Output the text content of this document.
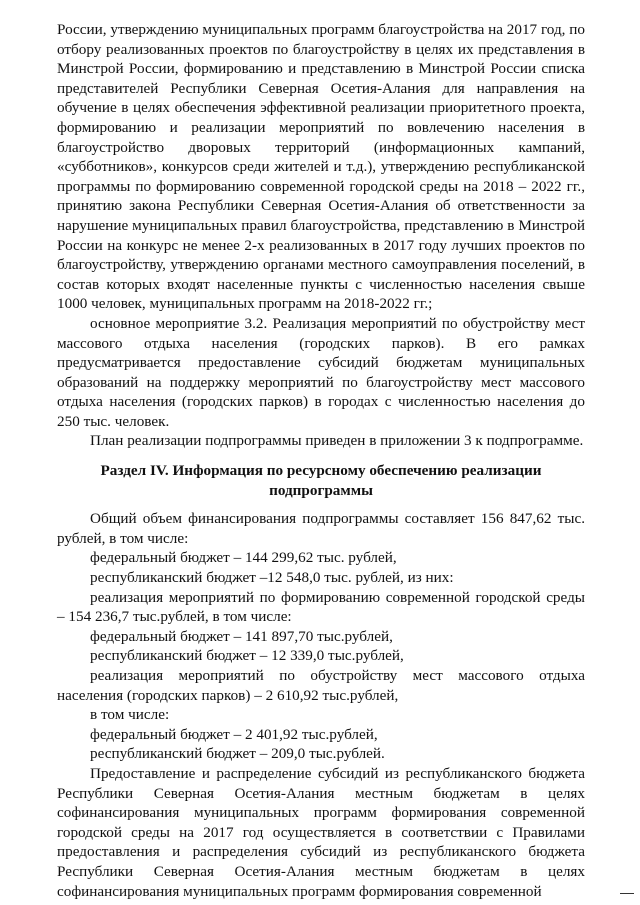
России, утверждению муниципальных программ благоустройства на 2017 год, по отбору реализованных проектов по благоустройству в целях их представления в Минстрой России, формированию и представлению в Минстрой России списка представителей Республики Северная Осетия-Алания для направления на обучение в целях обеспечения эффективной реализации приоритетного проекта, формированию и реализации мероприятий по вовлечению населения в благоустройство дворовых территорий (информационных кампаний, «субботников», конкурсов среди жителей и т.д.), утверждению республиканской программы по формированию современной городской среды на 2018 – 2022 гг., принятию закона Республики Северная Осетия-Алания об ответственности за нарушение муниципальных правил благоустройства, представлению в Минстрой России на конкурс не менее 2-х реализованных в 2017 году лучших проектов по благоустройству, утверждению органами местного самоуправления поселений, в состав которых входят населенные пункты с численностью населения свыше 1000 человек, муниципальных программ на 2018-2022 гг.;

основное мероприятие 3.2. Реализация мероприятий по обустройству мест массового отдыха населения (городских парков). В его рамках предусматривается предоставление субсидий бюджетам муниципальных образований на поддержку мероприятий по благоустройству мест массового отдыха населения (городских парков) в городах с численностью населения до 250 тыс. человек.

План реализации подпрограммы приведен в приложении 3 к подпрограмме.

Раздел IV. Информация по ресурсному обеспечению реализации подпрограммы

Общий объем финансирования подпрограммы составляет 156 847,62 тыс. рублей, в том числе:

федеральный бюджет – 144 299,62 тыс. рублей,

республиканский бюджет –12 548,0 тыс. рублей, из них:

реализация мероприятий по формированию современной городской среды – 154 236,7 тыс.рублей, в том числе:

федеральный бюджет – 141 897,70 тыс.рублей,

республиканский бюджет – 12 339,0 тыс.рублей,

реализация мероприятий по обустройству мест массового отдыха населения (городских парков) – 2 610,92 тыс.рублей,

в том числе:

федеральный бюджет – 2 401,92 тыс.рублей,

республиканский бюджет – 209,0 тыс.рублей.

Предоставление и распределение субсидий из республиканского бюджета Республики Северная Осетия-Алания местным бюджетам в целях софинансирования муниципальных программ формирования современной городской среды на 2017 год осуществляется в соответствии с Правилами предоставления и распределения субсидий из республиканского бюджета Республики Северная Осетия-Алания местным бюджетам в целях софинансирования муниципальных программ формирования современной
